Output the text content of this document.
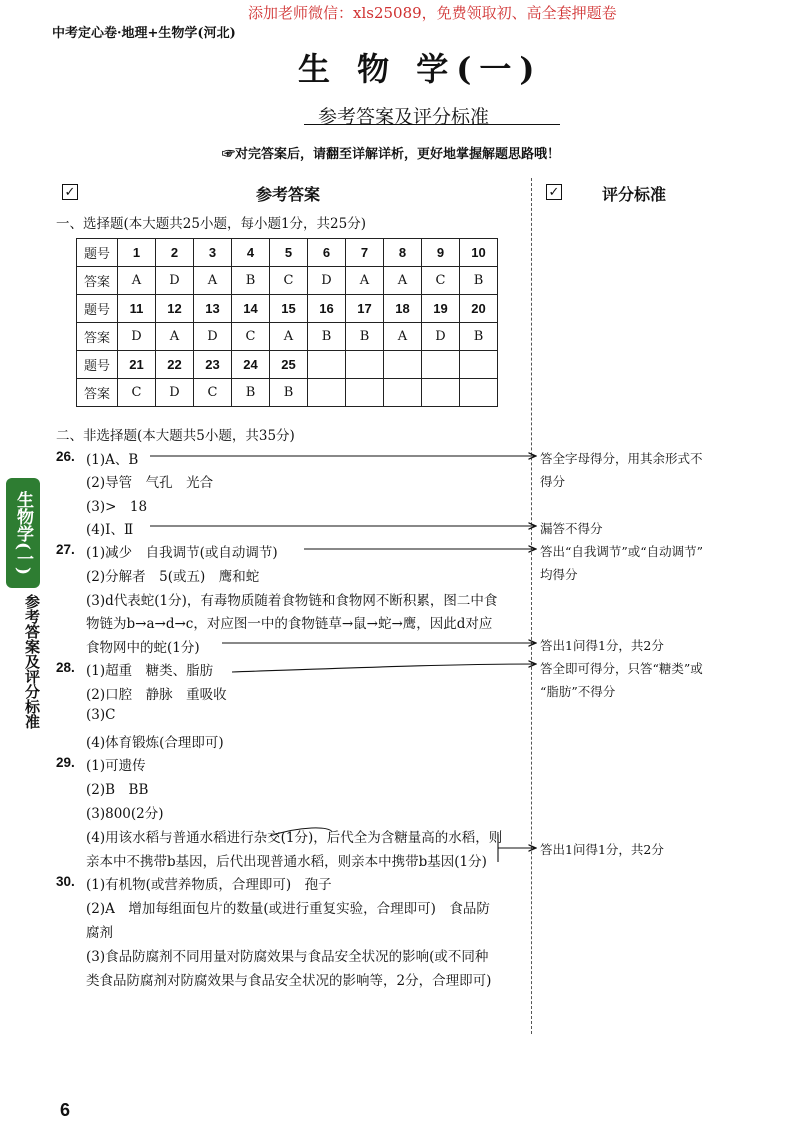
添加老师微信：xls25089，免费领取初、高全套押题卷
中考定心卷·地理+生物学(河北)
生 物 学(一)
参考答案及评分标准
☞对完答案后，请翻至详解详析，更好地掌握解题思路哦！
✓	参考答案	✓	评分标准
一、选择题(本大题共25小题，每小题1分，共25分)
题号	1	2	3	4	5	6	7	8	9	10
答案	A	D	A	B	C	D	A	A	C	B
题号	11	12	13	14	15	16	17	18	19	20
答案	D	A	D	C	A	B	B	A	D	B
题号	21	22	23	24	25					
答案	C	D	C	B	B					
二、非选择题(本大题共5小题，共35分)
26. (1)A、B
(2)导管　气孔　光合
(3)>　18
(4)Ⅰ、Ⅱ
27. (1)减少　自我调节(或自动调节)
(2)分解者　5(或五)　鹰和蛇
(3)d代表蛇(1分)，有毒物质随着食物链和食物网不断积累，图二中食
物链为b→a→d→c，对应图一中的食物链草→鼠→蛇→鹰，因此d对应
食物网中的蛇(1分)
28. (1)超重　糖类、脂肪
(2)口腔　静脉　重吸收
(3)C
(4)体育锻炼(合理即可)
29. (1)可遗传
(2)B　BB
(3)800(2分)
(4)用该水稻与普通水稻进行杂交(1分)，后代全为含糖量高的水稻，则
亲本中不携带b基因，后代出现普通水稻，则亲本中携带b基因(1分)
30. (1)有机物(或营养物质，合理即可)　孢子
(2)A　增加每组面包片的数量(或进行重复实验，合理即可)　食品防
腐剂
(3)食品防腐剂不同用量对防腐效果与食品安全状况的影响(或不同种
类食品防腐剂对防腐效果与食品安全状况的影响等，2分，合理即可)
答全字母得分，用其余形式不
得分
漏答不得分
答出“自我调节”或“自动调节”
均得分
答出1问得1分，共2分
答全即可得分，只答“糖类”或
“脂肪”不得分
答出1问得1分，共2分
生物学(一)
参考答案及评分标准
6
